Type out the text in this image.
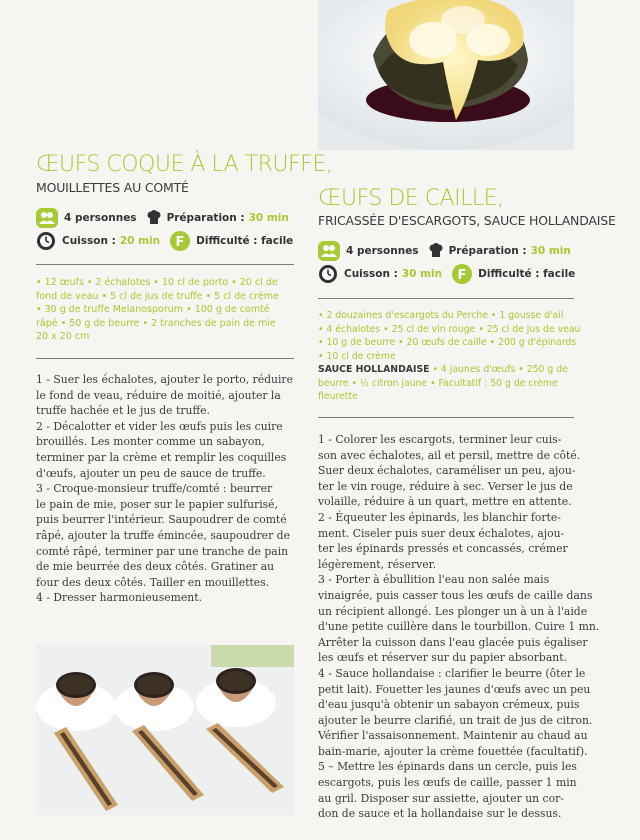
ŒUFS COQUE À LA TRUFFE,
MOUILLETTES AU COMTÉ
4 personnes	Préparation : 30 min
Cuisson : 20 min F Difficulté : facile
• 12 œufs • 2 échalotes • 10 cl de porto • 20 cl de
fond de veau • 5 cl de jus de truffe • 5 cl de crème
• 30 g de truffe Melanosporum • 100 g de comté
râpé • 50 g de beurre • 2 tranches de pain de mie
20 x 20 cm
1 - Suer les échalotes, ajouter le porto, réduire
le fond de veau, réduire de moitié, ajouter la
truffe hachée et le jus de truffe.
2 - Décalotter et vider les œufs puis les cuire
brouillés. Les monter comme un sabayon,
terminer par la crème et remplir les coquilles
d'œufs, ajouter un peu de sauce de truffe.
3 - Croque-monsieur truffe/comté : beurrer
le pain de mie, poser sur le papier sulfurisé,
puis beurrer l'intérieur. Saupoudrer de comté
râpé, ajouter la truffe émincée, saupoudrer de
comté râpé, terminer par une tranche de pain
de mie beurrée des deux côtés. Gratiner au
four des deux côtés. Tailler en mouillettes.
4 - Dresser harmonieusement.
ŒUFS DE CAILLE,
FRICASSÉE D'ESCARGOTS, SAUCE HOLLANDAISE
4 personnes	Préparation : 30 min
Cuisson : 30 min F Difficulté : facile
• 2 douzaines d'escargots du Perche • 1 gousse d'ail
• 4 échalotes • 25 cl de vin rouge • 25 cl de jus de veau
• 10 g de beurre • 20 œufs de caille • 200 g d'épinards
• 10 cl de crème
SAUCE HOLLANDAISE • 4 jaunes d'œufs • 250 g de
beurre • ½ citron jaune • Facultatif : 50 g de crème
fleurette
1 - Colorer les escargots, terminer leur cuis-
son avec échalotes, ail et persil, mettre de côté.
Suer deux échalotes, caraméliser un peu, ajou-
ter le vin rouge, réduire à sec. Verser le jus de
volaille, réduire à un quart, mettre en attente.
2 - Équeuter les épinards, les blanchir forte-
ment. Ciseler puis suer deux échalotes, ajou-
ter les épinards pressés et concassés, crémer
légèrement, réserver.
3 - Porter à ébullition l'eau non salée mais
vinaigrée, puis casser tous les œufs de caille dans
un récipient allongé. Les plonger un à un à l'aide
d'une petite cuillère dans le tourbillon. Cuire 1 mn.
Arrêter la cuisson dans l'eau glacée puis égaliser
les œufs et réserver sur du papier absorbant.
4 - Sauce hollandaise : clarifier le beurre (ôter le
petit lait). Fouetter les jaunes d'œufs avec un peu
d'eau jusqu'à obtenir un sabayon crémeux, puis
ajouter le beurre clarifié, un trait de jus de citron.
Vérifier l'assaisonnement. Maintenir au chaud au
bain-marie, ajouter la crème fouettée (facultatif).
5 – Mettre les épinards dans un cercle, puis les
escargots, puis les œufs de caille, passer 1 min
au gril. Disposer sur assiette, ajouter un cor-
don de sauce et la hollandaise sur le dessus.
